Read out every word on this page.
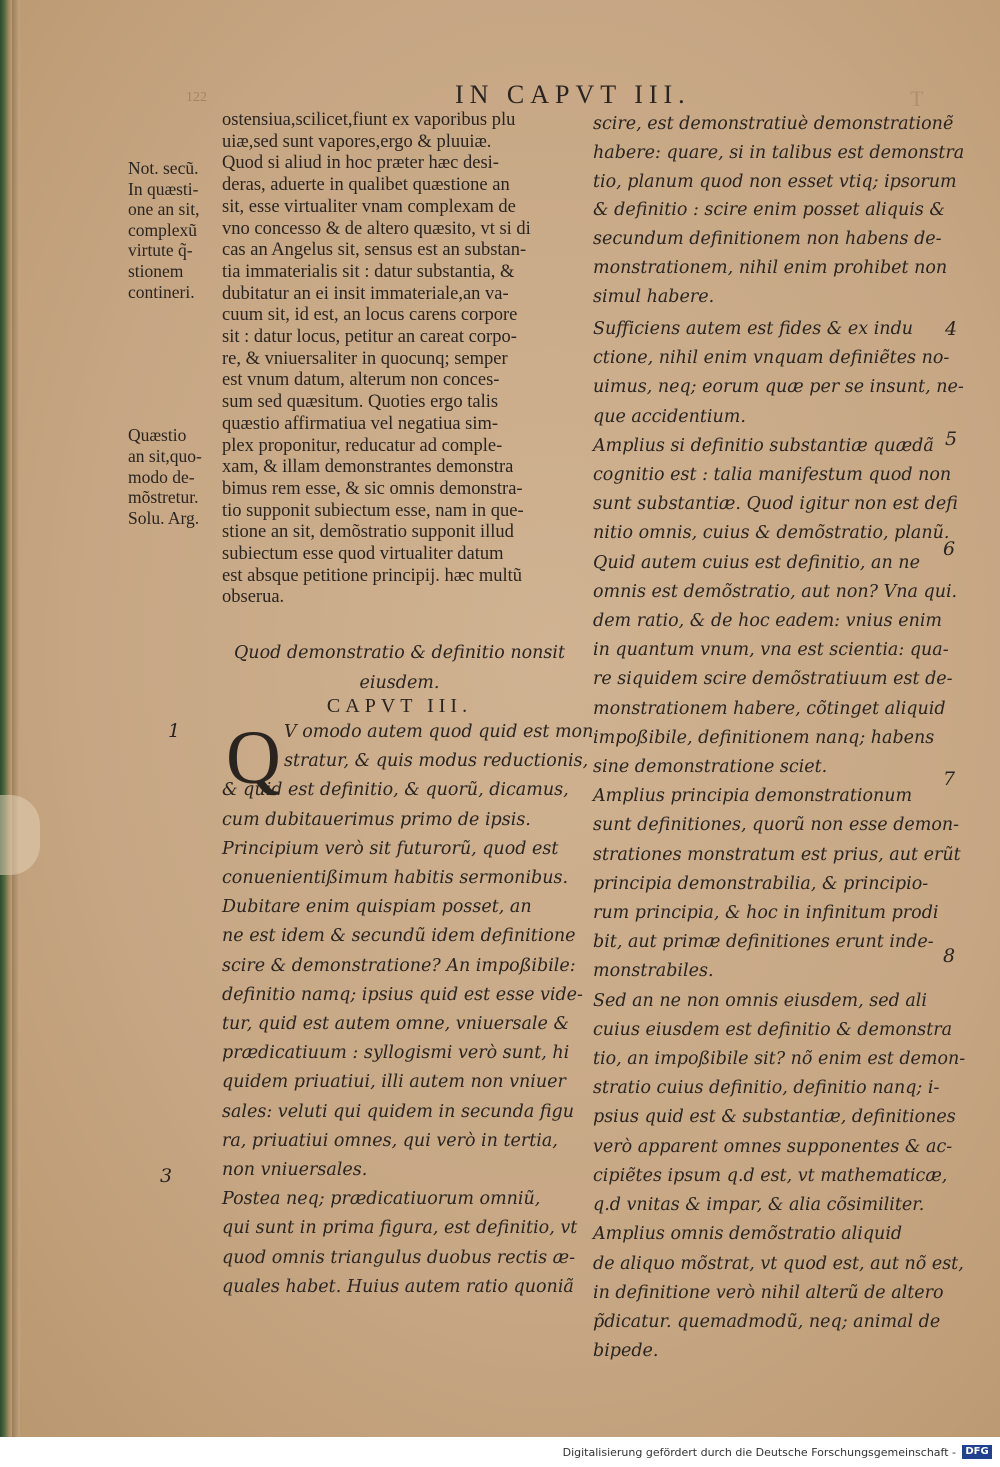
122	IN CAPVT III.	T
Not. secũ.
In quæsti-
one an sit,
complexũ
virtute q̃-
stionem
contineri.
Quæstio
an sit,quo-
modo de-
mõstretur.
Solu. Arg.
ostensiua,scilicet,fiunt ex vaporibus plu
uiæ,sed sunt vapores,ergo & pluuiæ.
Quod si aliud in hoc præter hæc desi-
deras, aduerte in qualibet quæstione an
sit, esse virtualiter vnam complexam de
vno concesso & de altero quæsito, vt si di
cas an Angelus sit, sensus est an substan-
tia immaterialis sit : datur substantia, &
dubitatur an ei insit immateriale,an va-
cuum sit, id est, an locus carens corpore
sit : datur locus, petitur an careat corpo-
re, & vniuersaliter in quocunq; semper
est vnum datum, alterum non conces-
sum sed quæsitum. Quoties ergo talis
quæstio affirmatiua vel negatiua sim-
plex proponitur, reducatur ad comple-
xam, & illam demonstrantes demonstra
bimus rem esse, & sic omnis demonstra-
tio supponit subiectum esse, nam in que-
stione an sit, demõstratio supponit illud
subiectum esse quod virtualiter datum
est absque petitione principij. hæc multũ
obserua.
Quod demonstratio & definitio nonsit eiusdem.
CAPVT III.
Q V omodo autem quod quid est mon
stratur, & quis modus reductionis,
& quid est definitio, & quorũ, dicamus,
cum dubitauerimus primo de ipsis.
Principium verò sit futurorũ, quod est
conuenientißimum habitis sermonibus.
Dubitare enim quispiam posset, an
ne est idem & secundũ idem definitione
scire & demonstratione? An impoßibile:
definitio namq; ipsius quid est esse vide-
tur, quid est autem omne, vniuersale &
prædicatiuum : syllogismi verò sunt, hi
quidem priuatiui, illi autem non vniuer
sales: veluti qui quidem in secunda figu
ra, priuatiui omnes, qui verò in tertia,
non vniuersales.
Postea neq; prædicatiuorum omniũ,
qui sunt in prima figura, est definitio, vt
quod omnis triangulus duobus rectis æ-
quales habet. Huius autem ratio quoniã
scire, est demonstratiuè demonstrationẽ
habere: quare, si in talibus est demonstra
tio, planum quod non esset vtiq; ipsorum
& definitio : scire enim posset aliquis &
secundum definitionem non habens de-
monstrationem, nihil enim prohibet non
simul habere.
Sufficiens autem est fides & ex indu
ctione, nihil enim vnquam definiẽtes no-
uimus, neq; eorum quæ per se insunt, ne-
que accidentium.
Amplius si definitio substantiæ quædã
cognitio est : talia manifestum quod non
sunt substantiæ. Quod igitur non est defi
nitio omnis, cuius & demõstratio, planũ.
Quid autem cuius est definitio, an ne
omnis est demõstratio, aut non? Vna qui.
dem ratio, & de hoc eadem: vnius enim
in quantum vnum, vna est scientia: qua-
re siquidem scire demõstratiuum est de-
monstrationem habere, cõtinget aliquid
impoßibile, definitionem nanq; habens
sine demonstratione sciet.
Amplius principia demonstrationum
sunt definitiones, quorũ non esse demon-
strationes monstratum est prius, aut erũt
principia demonstrabilia, & principio-
rum principia, & hoc in infinitum prodi
bit, aut primæ definitiones erunt inde-
monstrabiles.
Sed an ne non omnis eiusdem, sed ali
cuius eiusdem est definitio & demonstra
tio, an impoßibile sit? nõ enim est demon-
stratio cuius definitio, definitio nanq; i-
psius quid est & substantiæ, definitiones
verò apparent omnes supponentes & ac-
cipiẽtes ipsum q.d est, vt mathematicæ,
q.d vnitas & impar, & alia cõsimiliter.
Amplius omnis demõstratio aliquid
de aliquo mõstrat, vt quod est, aut nõ est,
in definitione verò nihil alterũ de altero
p̃dicatur. quemadmodũ, neq; animal de
bipede.
1
3
4
5
6
7
8
Digitalisierung gefördert durch die Deutsche Forschungsgemeinschaft - DFG
